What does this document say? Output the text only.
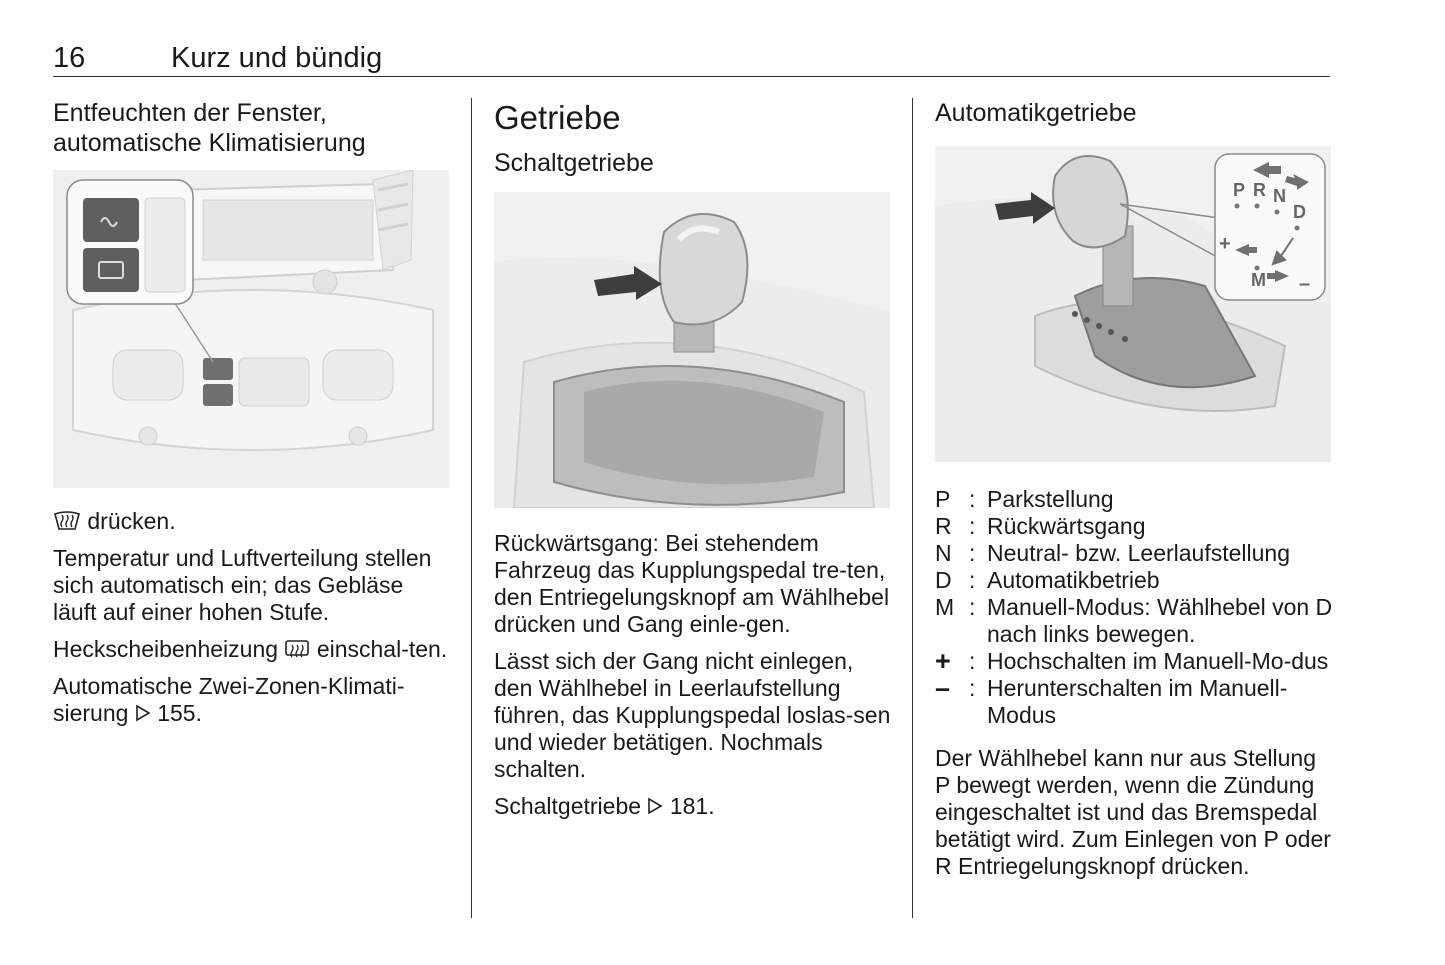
16	Kurz und bündig
Entfeuchten der Fenster,
automatische Klimatisierung

drücken.

Temperatur und Luftverteilung stellen sich automatisch ein; das Gebläse läuft auf einer hohen Stufe.

Heckscheibenheizung
einschal-ten.

Automatische Zwei-Zonen-Klimati-sierung
155.

Getriebe
Schaltgetriebe

Rückwärtsgang: Bei stehendem Fahrzeug das Kupplungspedal tre-ten, den Entriegelungsknopf am Wählhebel drücken und Gang einle-gen.

Lässt sich der Gang nicht einlegen, den Wählhebel in Leerlaufstellung führen, das Kupplungspedal loslas-sen und wieder betätigen. Nochmals schalten.

Schaltgetriebe
181.

Automatikgetriebe
P R N
D
M
+
–
P : Parkstellung
R : Rückwärtsgang
N : Neutral- bzw. Leerlaufstellung
D : Automatikbetrieb
M : Manuell-Modus: Wählhebel von D nach links bewegen.
+ : Hochschalten im Manuell-Mo-dus
– : Herunterschalten im Manuell-Modus

Der Wählhebel kann nur aus Stellung P bewegt werden, wenn die Zündung eingeschaltet ist und das Bremspedal betätigt wird. Zum Einlegen von P oder R Entriegelungsknopf drücken.
